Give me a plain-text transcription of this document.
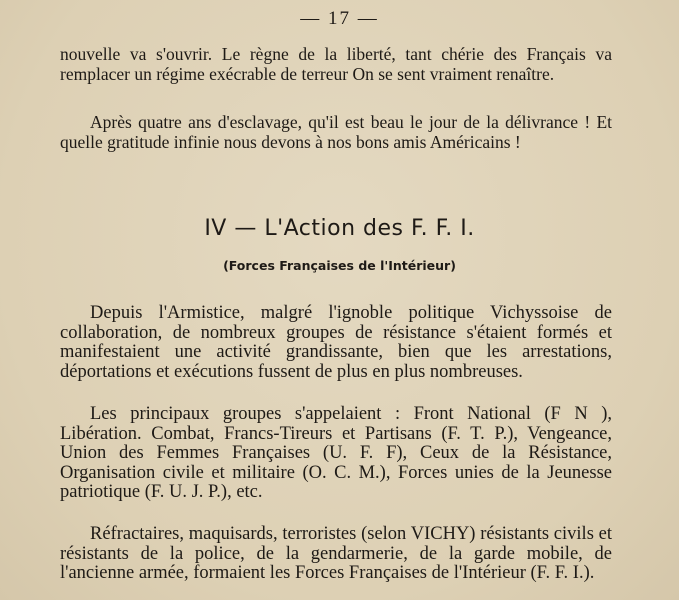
— 17 —

nouvelle va s'ouvrir. Le règne de la liberté, tant chérie des Français va remplacer un régime exécrable de terreur On se sent vraiment renaître.

Après quatre ans d'esclavage, qu'il est beau le jour de la délivrance ! Et quelle gratitude infinie nous devons à nos bons amis Américains !

IV — L'Action des F. F. I.
(Forces Françaises de l'Intérieur)

Depuis l'Armistice, malgré l'ignoble politique Vichyssoise de collaboration, de nombreux groupes de résistance s'étaient formés et manifestaient une activité grandissante, bien que les arrestations, déportations et exécutions fussent de plus en plus nombreuses.

Les principaux groupes s'appelaient : Front National (F N ), Libération. Combat, Francs-Tireurs et Partisans (F. T. P.), Vengeance, Union des Femmes Françaises (U. F. F), Ceux de la Résistance, Organisation civile et militaire (O. C. M.), Forces unies de la Jeunesse patriotique (F. U. J. P.), etc.

Réfractaires, maquisards, terroristes (selon VICHY) résistants civils et résistants de la police, de la gendarmerie, de la garde mobile, de l'ancienne armée, formaient les Forces Françaises de l'Intérieur (F. F. I.).
